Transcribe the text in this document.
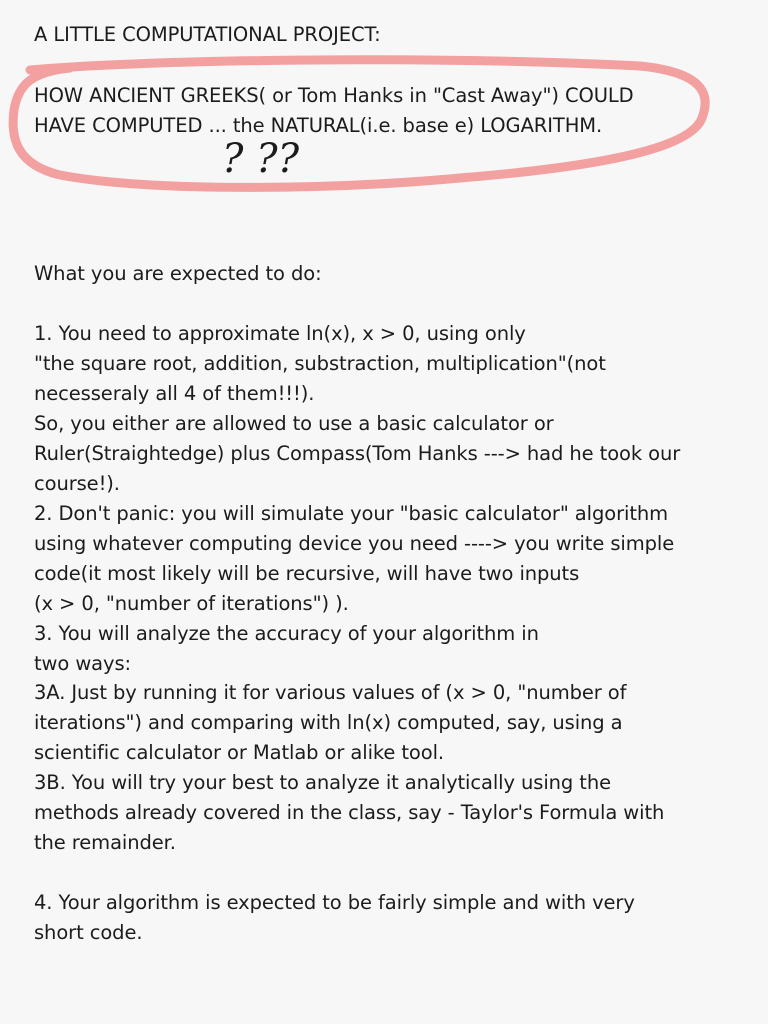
? ??
A LITTLE COMPUTATIONAL PROJECT:
HOW ANCIENT GREEKS( or Tom Hanks in "Cast Away") COULD
HAVE COMPUTED ... the NATURAL(i.e. base e) LOGARITHM.
What you are expected to do:
1. You need to approximate ln(x), x > 0, using only
"the square root, addition, substraction, multiplication"(not
necesseraly all 4 of them!!!).
So, you either are allowed to use a basic calculator or
Ruler(Straightedge) plus Compass(Tom Hanks ---> had he took our
course!).
2. Don't panic: you will simulate your "basic calculator" algorithm
using whatever computing device you need ----> you write simple
code(it most likely will be recursive, will have two inputs
(x > 0, "number of iterations") ).
3. You will analyze the accuracy of your algorithm in
two ways:
3A. Just by running it for various values of (x > 0, "number of
iterations") and comparing with ln(x) computed, say, using a
scientific calculator or Matlab or alike tool.
3B. You will try your best to analyze it analytically using the
methods already covered in the class, say - Taylor's Formula with
the remainder.
4. Your algorithm is expected to be fairly simple and with very
short code.
